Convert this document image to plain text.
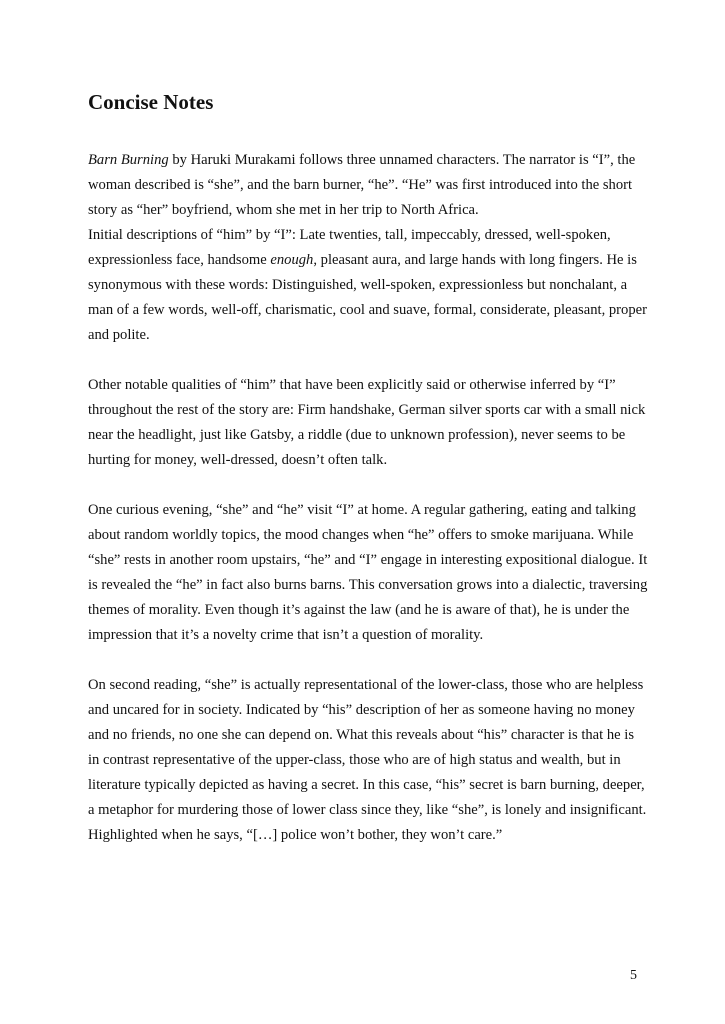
Concise Notes

Barn Burning by Haruki Murakami follows three unnamed characters. The narrator is “I”, the woman described is “she”, and the barn burner, “he”. “He” was first introduced into the short story as “her” boyfriend, whom she met in her trip to North Africa.

Initial descriptions of “him” by “I”: Late twenties, tall, impeccably, dressed, well-spoken, expressionless face, handsome enough, pleasant aura, and large hands with long fingers. He is synonymous with these words: Distinguished, well-spoken, expressionless but nonchalant, a man of a few words, well-off, charismatic, cool and suave, formal, considerate, pleasant, proper and polite.

Other notable qualities of “him” that have been explicitly said or otherwise inferred by “I” throughout the rest of the story are: Firm handshake, German silver sports car with a small nick near the headlight, just like Gatsby, a riddle (due to unknown profession), never seems to be hurting for money, well-dressed, doesn’t often talk.

One curious evening, “she” and “he” visit “I” at home. A regular gathering, eating and talking about random worldly topics, the mood changes when “he” offers to smoke marijuana. While “she” rests in another room upstairs, “he” and “I” engage in interesting expositional dialogue. It is revealed the “he” in fact also burns barns. This conversation grows into a dialectic, traversing themes of morality. Even though it’s against the law (and he is aware of that), he is under the impression that it’s a novelty crime that isn’t a question of morality.

On second reading, “she” is actually representational of the lower-class, those who are helpless and uncared for in society. Indicated by “his” description of her as someone having no money and no friends, no one she can depend on. What this reveals about “his” character is that he is in contrast representative of the upper-class, those who are of high status and wealth, but in literature typically depicted as having a secret. In this case, “his” secret is barn burning, deeper, a metaphor for murdering those of lower class since they, like “she”, is lonely and insignificant. Highlighted when he says, “[…] police won’t bother, they won’t care.”

5
